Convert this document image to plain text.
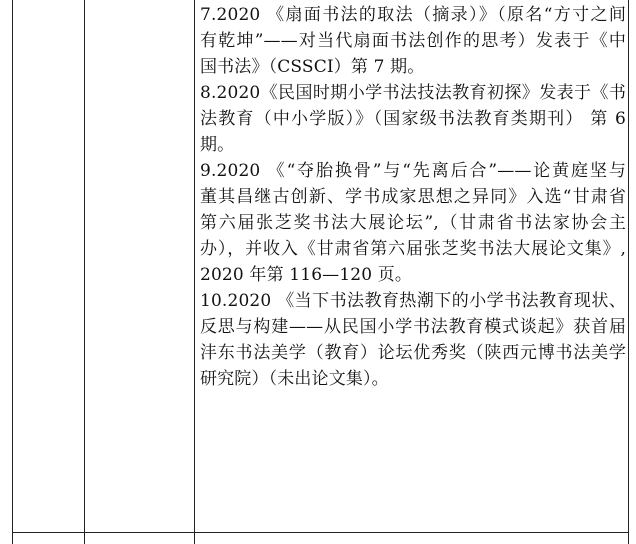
7.2020 《扇面书法的取法（摘录）》（原名“方寸之间
有乾坤”——对当代扇面书法创作的思考）发表于《中
国书法》（CSSCI）第 7 期。
8.2020《民国时期小学书法技法教育初探》发表于《书
法教育（中小学版）》（国家级书法教育类期刊） 第 6
期。
9.2020 《“夺胎换骨”与“先离后合”——论黄庭坚与
董其昌继古创新、学书成家思想之异同》入选“甘肃省
第六届张芝奖书法大展论坛”,（甘肃省书法家协会主
办），并收入《甘肃省第六届张芝奖书法大展论文集》,
2020 年第 116—120 页。
10.2020 《当下书法教育热潮下的小学书法教育现状、
反思与构建——从民国小学书法教育模式谈起》获首届
沣东书法美学（教育）论坛优秀奖（陕西元博书法美学
研究院）（未出论文集）。
